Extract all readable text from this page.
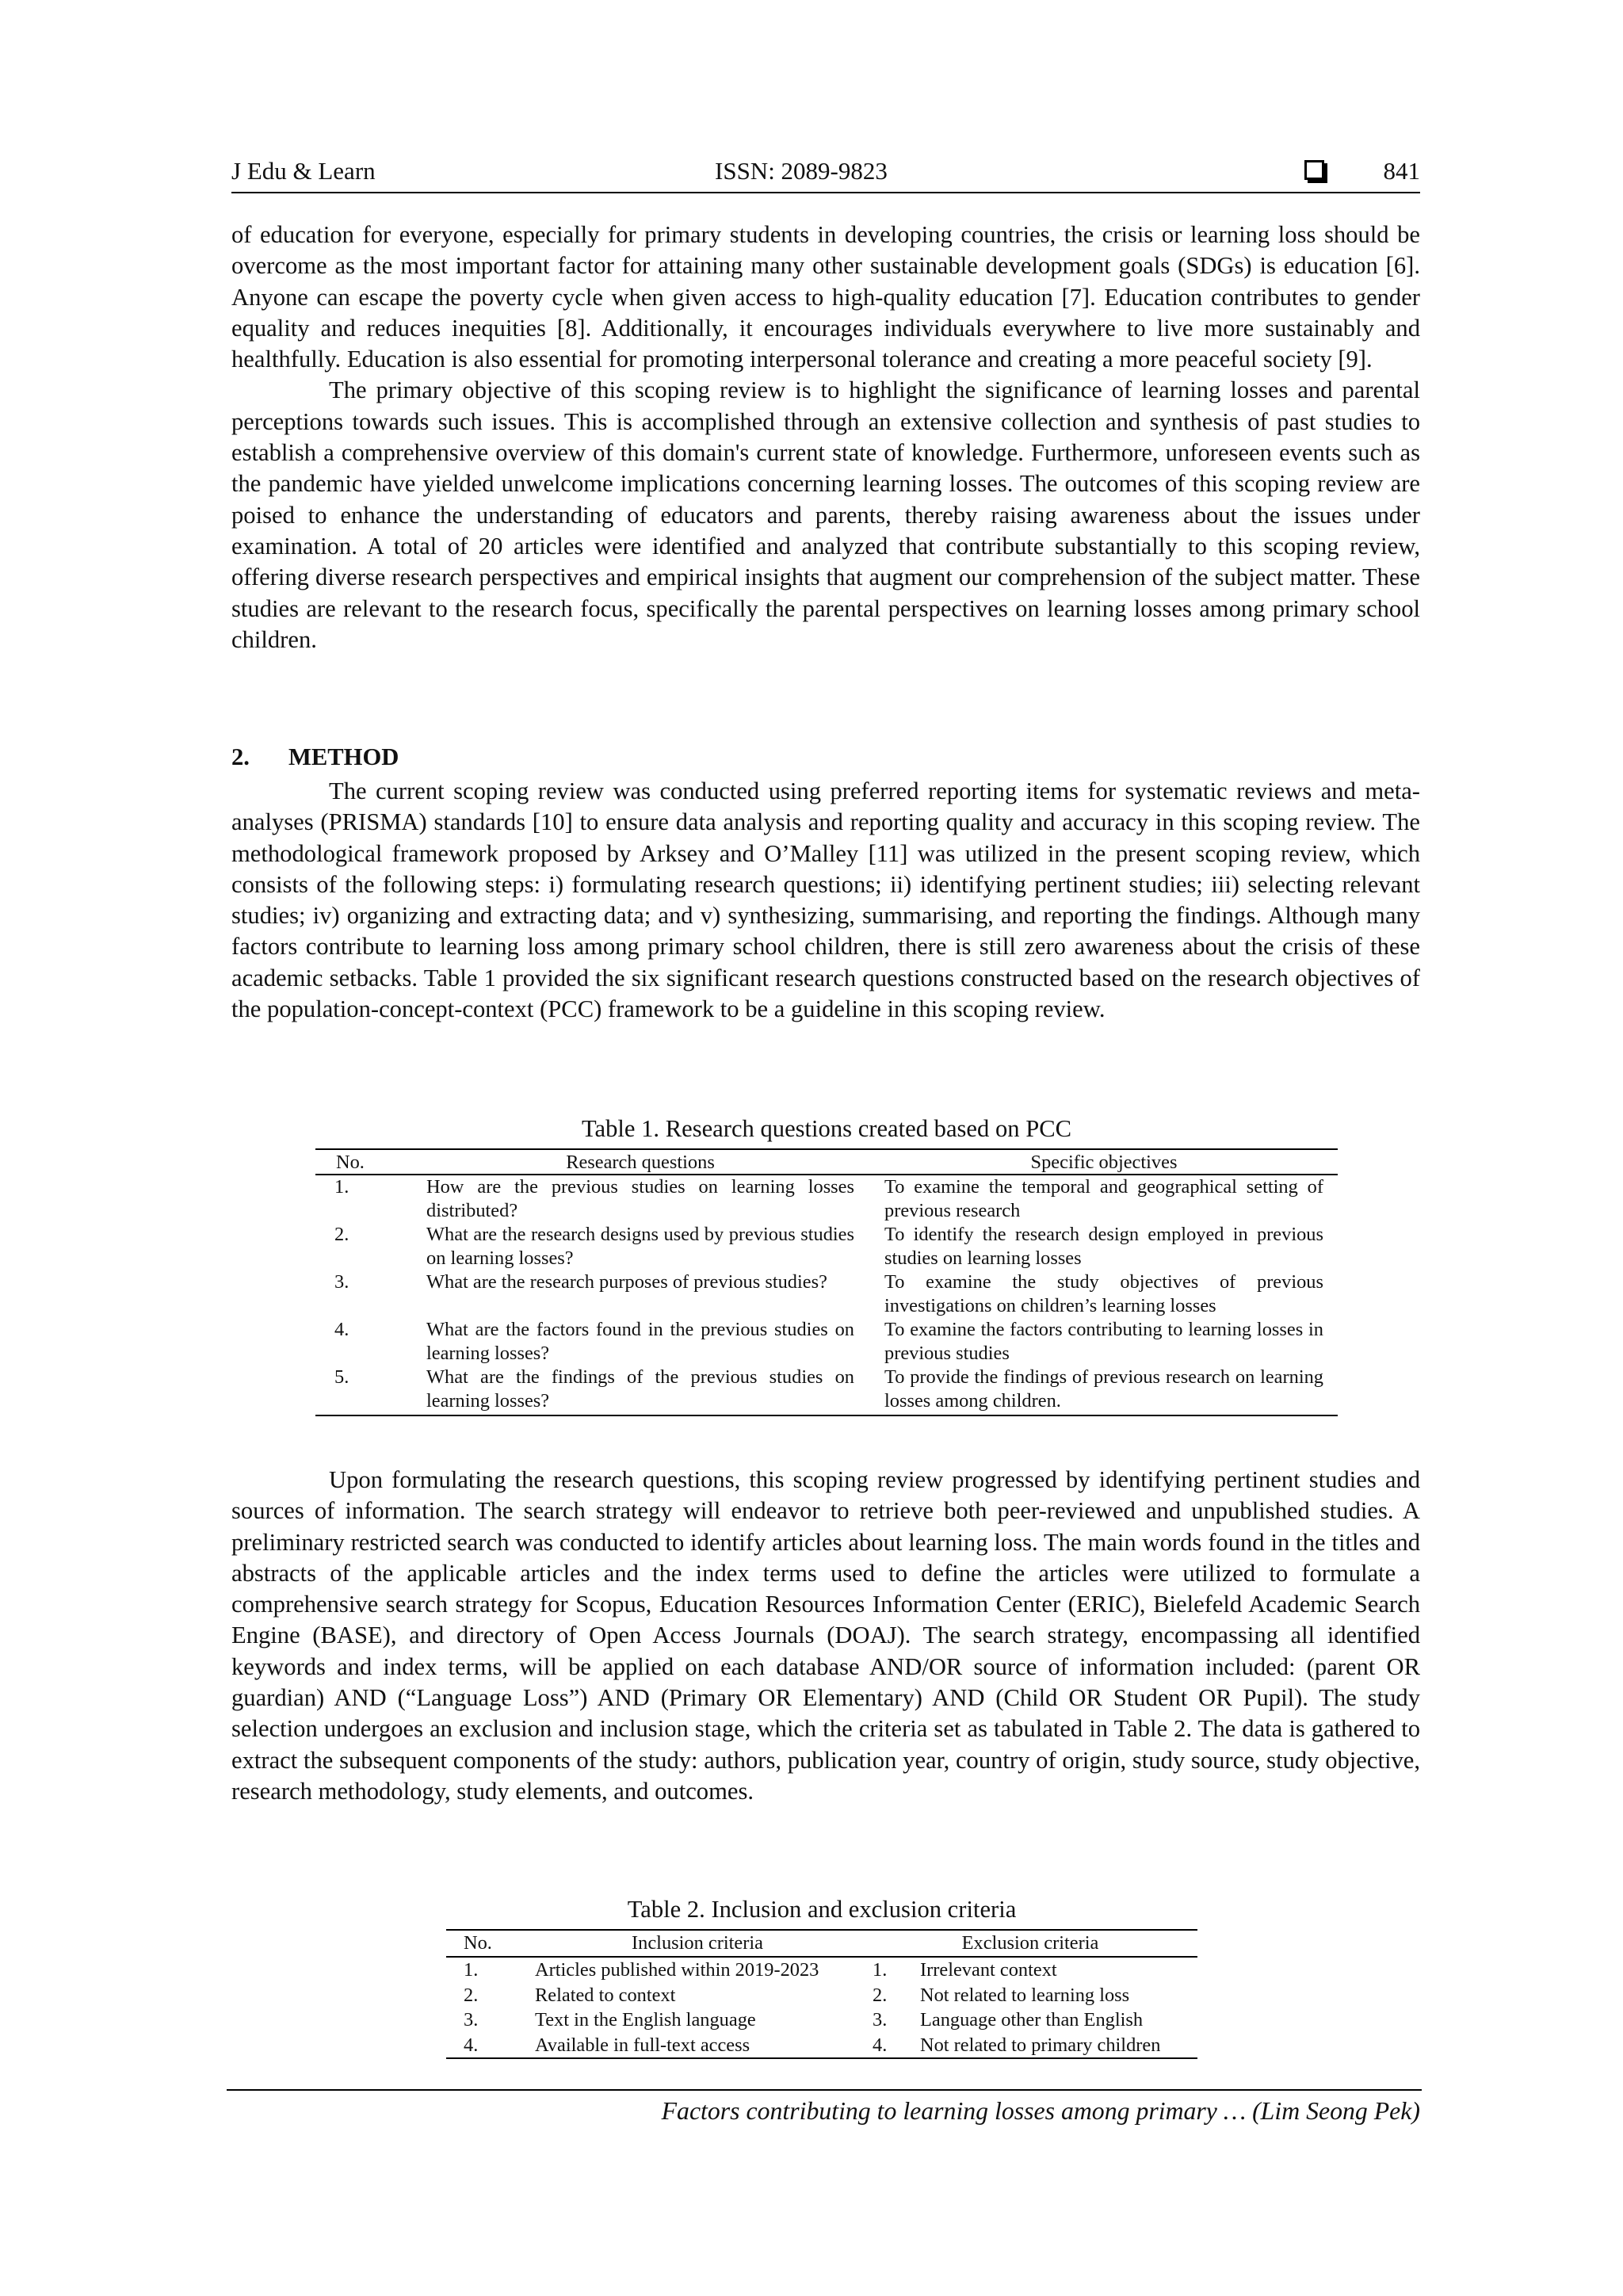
J Edu & Learn	ISSN: 2089-9823	841

of education for everyone, especially for primary students in developing countries, the crisis or learning loss should be overcome as the most important factor for attaining many other sustainable development goals (SDGs) is education [6]. Anyone can escape the poverty cycle when given access to high-quality education [7]. Education contributes to gender equality and reduces inequities [8]. Additionally, it encourages individuals everywhere to live more sustainably and healthfully. Education is also essential for promoting interpersonal tolerance and creating a more peaceful society [9].

The primary objective of this scoping review is to highlight the significance of learning losses and parental perceptions towards such issues. This is accomplished through an extensive collection and synthesis of past studies to establish a comprehensive overview of this domain's current state of knowledge. Furthermore, unforeseen events such as the pandemic have yielded unwelcome implications concerning learning losses. The outcomes of this scoping review are poised to enhance the understanding of educators and parents, thereby raising awareness about the issues under examination. A total of 20 articles were identified and analyzed that contribute substantially to this scoping review, offering diverse research perspectives and empirical insights that augment our comprehension of the subject matter. These studies are relevant to the research focus, specifically the parental perspectives on learning losses among primary school children.

2. METHOD

The current scoping review was conducted using preferred reporting items for systematic reviews and meta-analyses (PRISMA) standards [10] to ensure data analysis and reporting quality and accuracy in this scoping review. The methodological framework proposed by Arksey and O’Malley [11] was utilized in the present scoping review, which consists of the following steps: i) formulating research questions; ii) identifying pertinent studies; iii) selecting relevant studies; iv) organizing and extracting data; and v) synthesizing, summarising, and reporting the findings. Although many factors contribute to learning loss among primary school children, there is still zero awareness about the crisis of these academic setbacks. Table 1 provided the six significant research questions constructed based on the research objectives of the population-concept-context (PCC) framework to be a guideline in this scoping review.

Table 1. Research questions created based on PCC
No.	Research questions	Specific objectives
1.	How are the previous studies on learning losses distributed?	To examine the temporal and geographical setting of previous research
2.	What are the research designs used by previous studies on learning losses?	To identify the research design employed in previous studies on learning losses
3.	What are the research purposes of previous studies?	To examine the study objectives of previous investigations on children’s learning losses
4.	What are the factors found in the previous studies on learning losses?	To examine the factors contributing to learning losses in previous studies
5.	What are the findings of the previous studies on learning losses?	To provide the findings of previous research on learning losses among children.

Upon formulating the research questions, this scoping review progressed by identifying pertinent studies and sources of information. The search strategy will endeavor to retrieve both peer-reviewed and unpublished studies. A preliminary restricted search was conducted to identify articles about learning loss. The main words found in the titles and abstracts of the applicable articles and the index terms used to define the articles were utilized to formulate a comprehensive search strategy for Scopus, Education Resources Information Center (ERIC), Bielefeld Academic Search Engine (BASE), and directory of Open Access Journals (DOAJ). The search strategy, encompassing all identified keywords and index terms, will be applied on each database AND/OR source of information included: (parent OR guardian) AND (“Language Loss”) AND (Primary OR Elementary) AND (Child OR Student OR Pupil). The study selection undergoes an exclusion and inclusion stage, which the criteria set as tabulated in Table 2. The data is gathered to extract the subsequent components of the study: authors, publication year, country of origin, study source, study objective, research methodology, study elements, and outcomes.

Table 2. Inclusion and exclusion criteria
No.	Inclusion criteria	Exclusion criteria	
1.	Articles published within 2019-2023	1.	Irrelevant context
2.	Related to context	2.	Not related to learning loss
3.	Text in the English language	3.	Language other than English
4.	Available in full-text access	4.	Not related to primary children
Factors contributing to learning losses among primary … (Lim Seong Pek)
